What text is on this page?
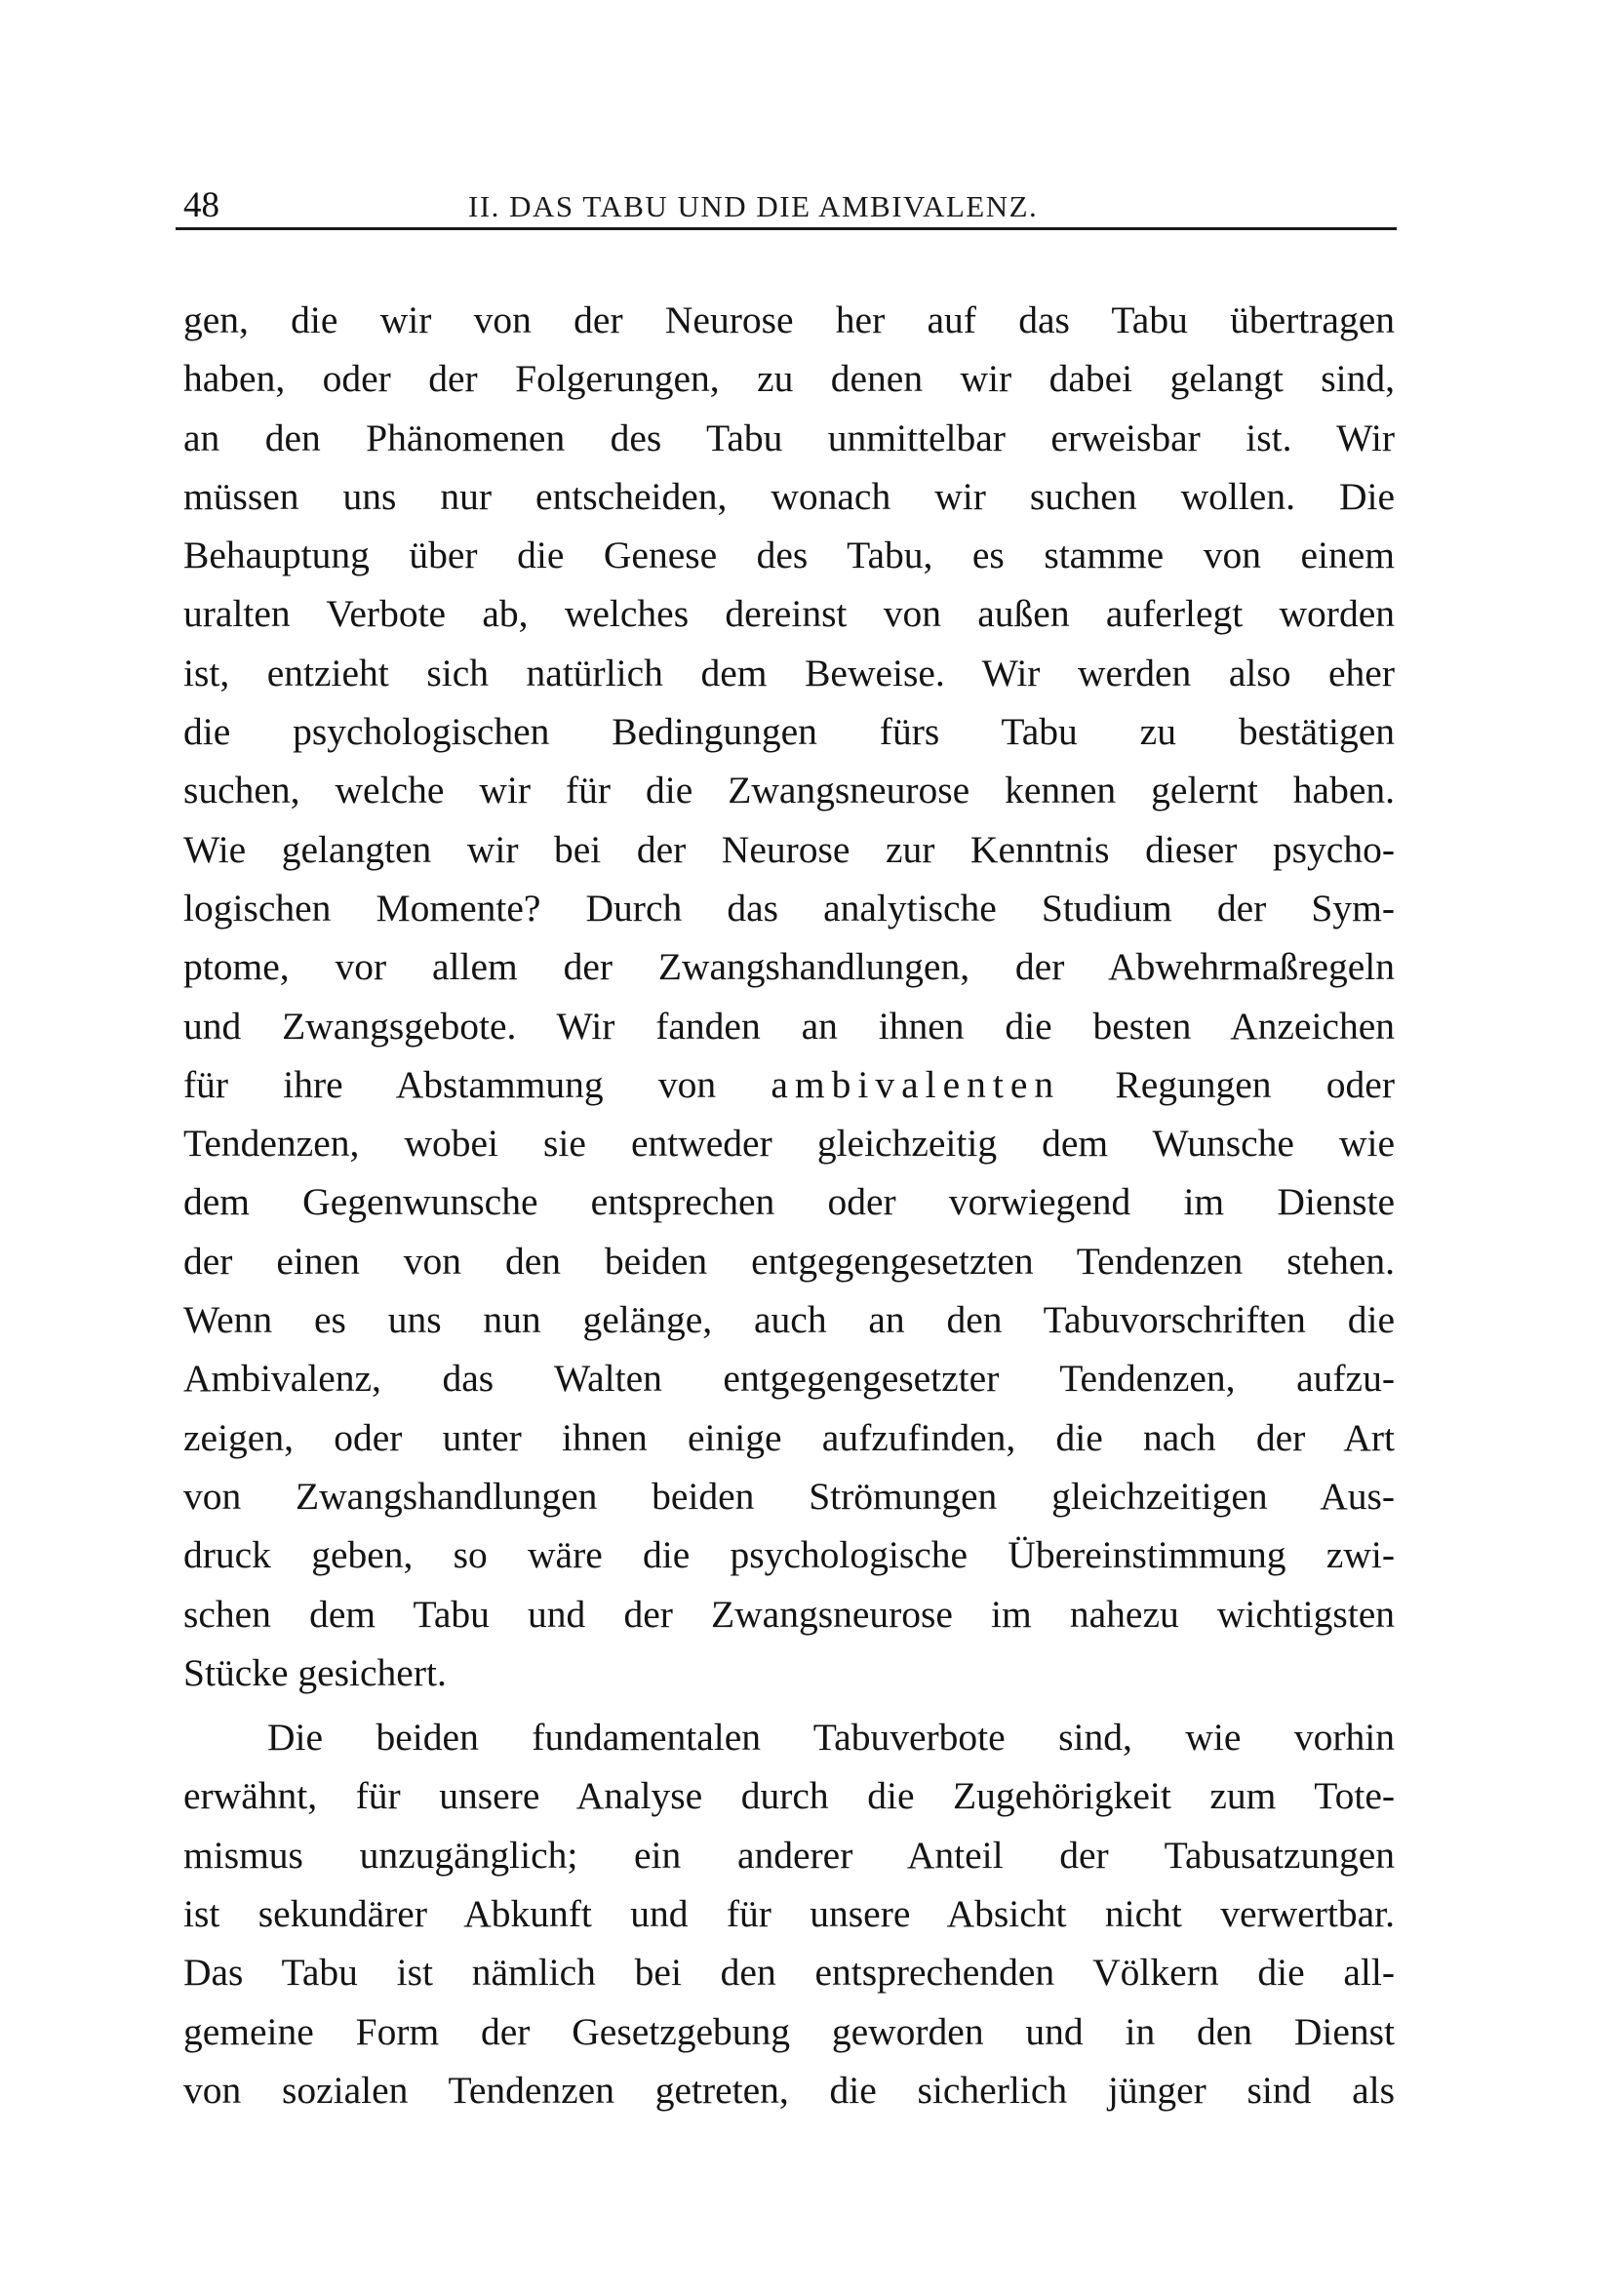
48	II. DAS TABU UND DIE AMBIVALENZ.
gen, die wir von der Neurose her auf das Tabu übertragen
haben, oder der Folgerungen, zu denen wir dabei gelangt sind,
an den Phänomenen des Tabu unmittelbar erweisbar ist. Wir
müssen uns nur entscheiden, wonach wir suchen wollen. Die
Behauptung über die Genese des Tabu, es stamme von einem
uralten Verbote ab, welches dereinst von außen auferlegt worden
ist, entzieht sich natürlich dem Beweise. Wir werden also eher
die psychologischen Bedingungen fürs Tabu zu bestätigen
suchen, welche wir für die Zwangsneurose kennen gelernt haben.
Wie gelangten wir bei der Neurose zur Kenntnis dieser psycho-
logischen Momente? Durch das analytische Studium der Sym-
ptome, vor allem der Zwangshandlungen, der Abwehrmaßregeln
und Zwangsgebote. Wir fanden an ihnen die besten Anzeichen
für ihre Abstammung von ambivalenten Regungen oder
Tendenzen, wobei sie entweder gleichzeitig dem Wunsche wie
dem Gegenwunsche entsprechen oder vorwiegend im Dienste
der einen von den beiden entgegengesetzten Tendenzen stehen.
Wenn es uns nun gelänge, auch an den Tabuvorschriften die
Ambivalenz, das Walten entgegengesetzter Tendenzen, aufzu-
zeigen, oder unter ihnen einige aufzufinden, die nach der Art
von Zwangshandlungen beiden Strömungen gleichzeitigen Aus-
druck geben, so wäre die psychologische Übereinstimmung zwi-
schen dem Tabu und der Zwangsneurose im nahezu wichtigsten
Stücke gesichert.
Die beiden fundamentalen Tabuverbote sind, wie vorhin
erwähnt, für unsere Analyse durch die Zugehörigkeit zum Tote-
mismus unzugänglich; ein anderer Anteil der Tabusatzungen
ist sekundärer Abkunft und für unsere Absicht nicht verwertbar.
Das Tabu ist nämlich bei den entsprechenden Völkern die all-
gemeine Form der Gesetzgebung geworden und in den Dienst
von sozialen Tendenzen getreten, die sicherlich jünger sind als
